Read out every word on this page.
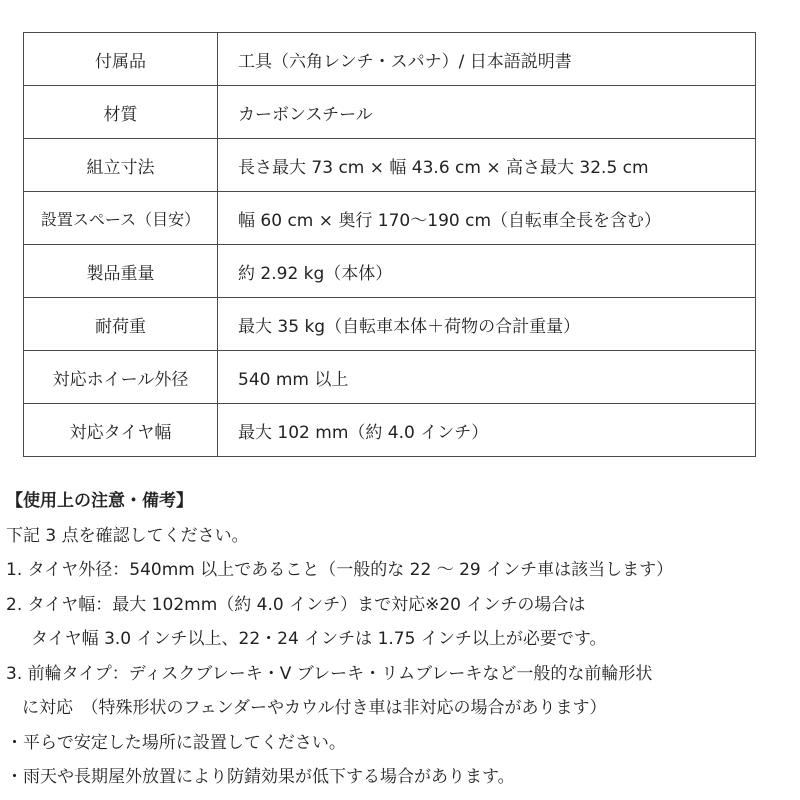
付属品	工具（六角レンチ・スパナ）/ 日本語説明書
材質	カーボンスチール
組立寸法	長さ最大 73 cm × 幅 43.6 cm × 高さ最大 32.5 cm
設置スペース（目安）	幅 60 cm × 奥行 170〜190 cm（自転車全長を含む）
製品重量	約 2.92 kg（本体）
耐荷重	最大 35 kg（自転車本体＋荷物の合計重量）
対応ホイール外径	540 mm 以上
対応タイヤ幅	最大 102 mm（約 4.0 インチ）
【使用上の注意・備考】
下記 3 点を確認してください。
1. タイヤ外径：540mm 以上であること（一般的な 22 ～ 29 インチ車は該当します）
2. タイヤ幅：最大 102mm（約 4.0 インチ）まで対応※20 インチの場合は
タイヤ幅 3.0 インチ以上、22・24 インチは 1.75 インチ以上が必要です。
3. 前輪タイプ：ディスクブレーキ・V ブレーキ・リムブレーキなど一般的な前輪形状
に対応　（特殊形状のフェンダーやカウル付き車は非対応の場合があります）
・平らで安定した場所に設置してください。
・雨天や長期屋外放置により防錆効果が低下する場合があります。
